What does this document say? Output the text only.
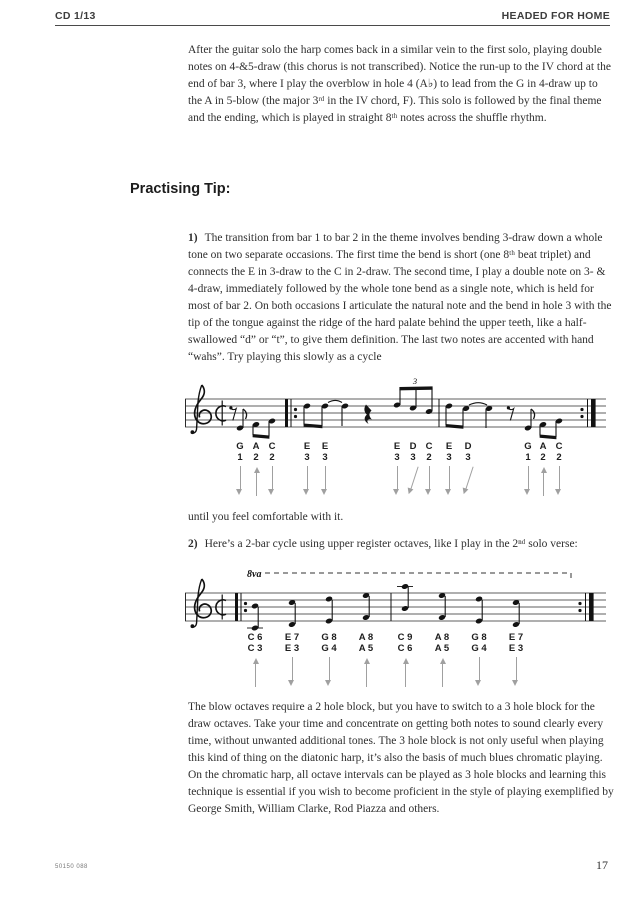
CD 1/13	HEADED FOR HOME
After the guitar solo the harp comes back in a similar vein to the first solo, playing double notes on 4-&5-draw (this chorus is not transcribed). Notice the run-up to the IV chord at the end of bar 3, where I play the overblow in hole 4 (A♭) to lead from the G in 4-draw up to the A in 5-blow (the major 3ʳᵈ in the IV chord, F). This solo is followed by the final theme and the ending, which is played in straight 8ᵗʰ notes across the shuffle rhythm.
Practising Tip:
1) The transition from bar 1 to bar 2 in the theme involves bending 3-draw down a whole tone on two separate occasions. The first time the bend is short (one 8ᵗʰ beat triplet) and connects the E in 3-draw to the C in 2-draw. The second time, I play a double note on 3- & 4-draw, immediately followed by the whole tone bend as a single note, which is held for most of bar 2. On both occasions I articulate the natural note and the bend in hole 3 with the tip of the tongue against the ridge of the hard palate behind the upper teeth, like a half-swallowed “d” or “t”, to give them definition. The last two notes are accented with hand “wahs”. Try playing this slowly as a cycle
3
G
1
A
2
C
2
E
3
E
3
E
3
D
3
C
2
E
3
D
3
G
1
A
2
C
2
until you feel comfortable with it.
2) Here’s a 2-bar cycle using upper register octaves, like I play in the 2ⁿᵈ solo verse:
8va
C 6
C 3
E 7
E 3
G 8
G 4
A 8
A 5
C 9
C 6
A 8
A 5
G 8
G 4
E 7
E 3
The blow octaves require a 2 hole block, but you have to switch to a 3 hole block for the draw octaves. Take your time and concentrate on getting both notes to sound clearly every time, without unwanted additional tones. The 3 hole block is not only useful when playing this kind of thing on the diatonic harp, it’s also the basis of much blues chromatic playing. On the chromatic harp, all octave intervals can be played as 3 hole blocks and learning this technique is essential if you wish to become proficient in the style of playing exemplified by George Smith, William Clarke, Rod Piazza and others.
50150 088	17
